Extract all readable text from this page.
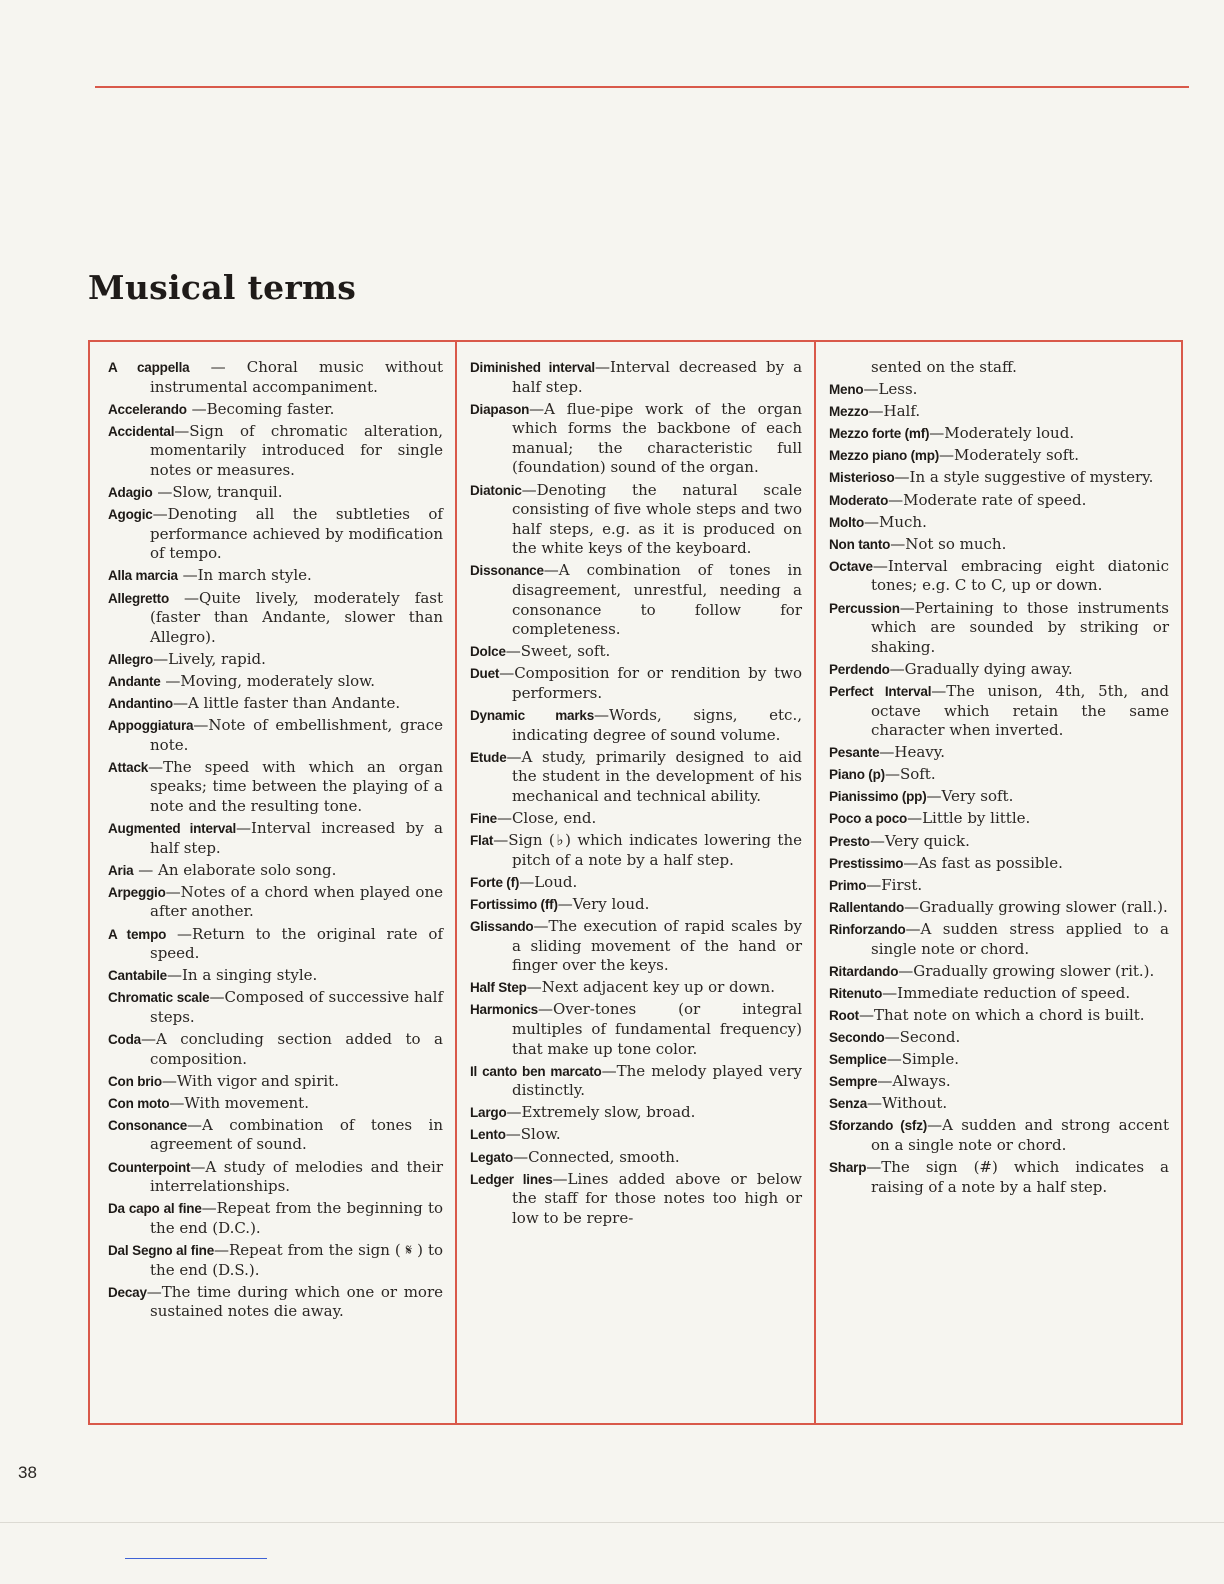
Musical terms

A cappella — Choral music without instrumental accompaniment.

Accelerando —Becoming faster.

Accidental—Sign of chromatic alteration, momentarily introduced for single notes or measures.

Adagio —Slow, tranquil.

Agogic—Denoting all the subtleties of performance achieved by modification of tempo.

Alla marcia —In march style.

Allegretto —Quite lively, moderately fast (faster than Andante, slower than Allegro).

Allegro—Lively, rapid.

Andante —Moving, moderately slow.

Andantino—A little faster than Andante.

Appoggiatura—Note of embellishment, grace note.

Attack—The speed with which an organ speaks; time between the playing of a note and the resulting tone.

Augmented interval—Interval increased by a half step.

Aria — An elaborate solo song.

Arpeggio—Notes of a chord when played one after another.

A tempo —Return to the original rate of speed.

Cantabile—In a singing style.

Chromatic scale—Composed of successive half steps.

Coda—A concluding section added to a composition.

Con brio—With vigor and spirit.

Con moto—With movement.

Consonance—A combination of tones in agreement of sound.

Counterpoint—A study of melodies and their interrelationships.

Da capo al fine—Repeat from the beginning to the end (D.C.).

Dal Segno al fine—Repeat from the sign ( 𝄋 ) to the end (D.S.).

Decay—The time during which one or more sustained notes die away.

Diminished interval—Interval decreased by a half step.

Diapason—A flue-pipe work of the organ which forms the backbone of each manual; the characteristic full (foundation) sound of the organ.

Diatonic—Denoting the natural scale consisting of five whole steps and two half steps, e.g. as it is produced on the white keys of the keyboard.

Dissonance—A combination of tones in disagreement, unrestful, needing a consonance to follow for completeness.

Dolce—Sweet, soft.

Duet—Composition for or rendition by two performers.

Dynamic marks—Words, signs, etc., indicating degree of sound volume.

Etude—A study, primarily designed to aid the student in the development of his mechanical and technical ability.

Fine—Close, end.

Flat—Sign (♭) which indicates lowering the pitch of a note by a half step.

Forte (f)—Loud.

Fortissimo (ff)—Very loud.

Glissando—The execution of rapid scales by a sliding movement of the hand or finger over the keys.

Half Step—Next adjacent key up or down.

Harmonics—Over-tones (or integral multiples of fundamental frequency) that make up tone color.

Il canto ben marcato—The melody played very distinctly.

Largo—Extremely slow, broad.

Lento—Slow.

Legato—Connected, smooth.

Ledger lines—Lines added above or below the staff for those notes too high or low to be repre-

sented on the staff.

Meno—Less.

Mezzo—Half.

Mezzo forte (mf)—Moderately loud.

Mezzo piano (mp)—Moderately soft.

Misterioso—In a style suggestive of mystery.

Moderato—Moderate rate of speed.

Molto—Much.

Non tanto—Not so much.

Octave—Interval embracing eight diatonic tones; e.g. C to C, up or down.

Percussion—Pertaining to those instruments which are sounded by striking or shaking.

Perdendo—Gradually dying away.

Perfect Interval—The unison, 4th, 5th, and octave which retain the same character when inverted.

Pesante—Heavy.

Piano (p)—Soft.

Pianissimo (pp)—Very soft.

Poco a poco—Little by little.

Presto—Very quick.

Prestissimo—As fast as possible.

Primo—First.

Rallentando—Gradually growing slower (rall.).

Rinforzando—A sudden stress applied to a single note or chord.

Ritardando—Gradually growing slower (rit.).

Ritenuto—Immediate reduction of speed.

Root—That note on which a chord is built.

Secondo—Second.

Semplice—Simple.

Sempre—Always.

Senza—Without.

Sforzando (sfz)—A sudden and strong accent on a single note or chord.

Sharp—The sign (#) which indicates a raising of a note by a half step.

38
